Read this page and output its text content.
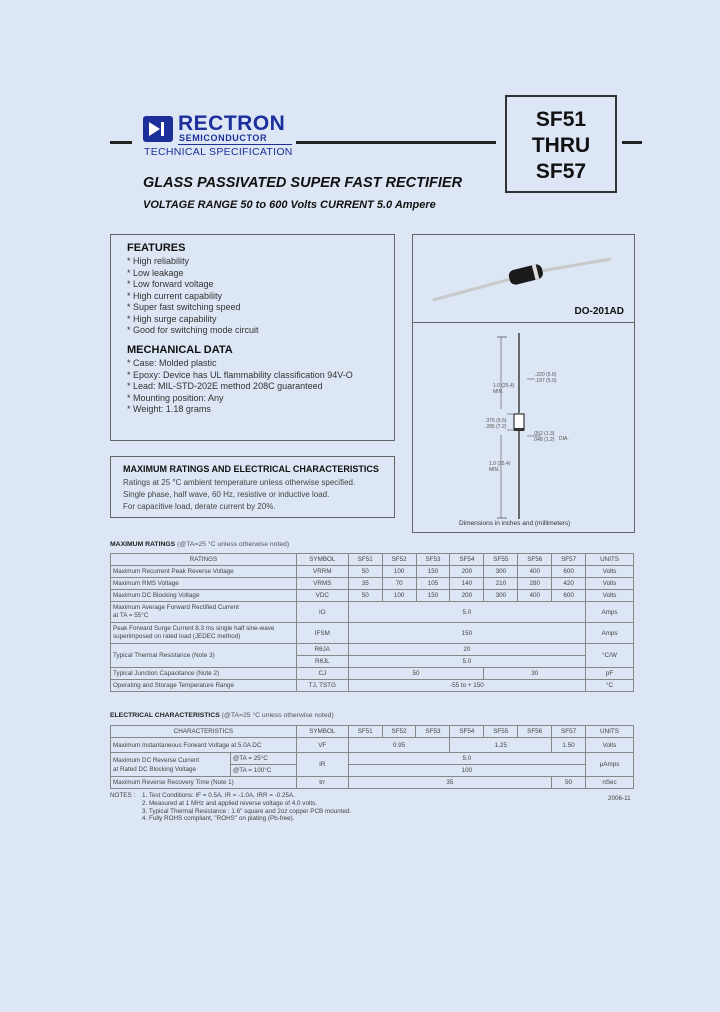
RECTRON
SEMICONDUCTOR
TECHNICAL SPECIFICATION
SF51
THRU
SF57
GLASS PASSIVATED SUPER FAST RECTIFIER
VOLTAGE RANGE 50 to 600 Volts CURRENT 5.0 Ampere
FEATURES
* High reliability
* Low leakage
* Low forward voltage
* High current capability
* Super fast switching speed
* High surge capability
* Good for switching mode circuit
MECHANICAL DATA
* Case: Molded plastic
* Epoxy: Device has UL flammability classification 94V-O
* Lead: MIL-STD-202E method 208C guaranteed
* Mounting position: Any
* Weight: 1.18 grams
DO-201AD
.220 (5.6)
.197 (5.0)
1.0 (25.4)
MIN.
.375 (9.5)
.285 (7.2)
.052 (1.3)
.048 (1.2) DIA.
1.0 (25.4)
MIN.
Dimensions in inches and (millimeters)
MAXIMUM RATINGS AND ELECTRICAL CHARACTERISTICS
Ratings at 25 °C ambient temperature unless otherwise specified.
Single phase, half wave, 60 Hz, resistive or inductive load.
For capacitive load, derate current by 20%.
MAXIMUM RATINGS (@TA=25 °C unless otherwise noted)
RATINGS	SYMBOL	SF51	SF52	SF53	SF54	SF55	SF56	SF57	UNITS
Maximum Recurrent Peak Reverse Voltage	VRRM	50	100	150	200	300	400	600	Volts
Maximum RMS Voltage	VRMS	35	70	105	140	210	280	420	Volts
Maximum DC Blocking Voltage	VDC	50	100	150	200	300	400	600	Volts

Maximum Average Forward Rectified Current
at TA = 55°C	IO	5.0							Amps

Peak Forward Surge Current 8.3 ms single half sine-wave
superimposed on rated load (JEDEC method)	IFSM	150							Amps
Typical Thermal Resistance (Note 3)	RθJA	20							°C/W
	RθJL	5.0							
Typical Junction Capacitance (Note 2)	CJ	50				30			pF
Operating and Storage Temperature Range	TJ, TSTG	-55 to + 150							°C
ELECTRICAL CHARACTERISTICS (@TA=25 °C unless otherwise noted)
CHARACTERISTICS		SYMBOL	SF51	SF52	SF53	SF54	SF55	SF56	SF57	UNITS
Maximum Instantaneous Forward Voltage at 5.0A DC		VF	0.95			1.25			1.50	Volts

Maximum DC Reverse Current
at Rated DC Blocking Voltage	@TA = 25°C	IR	5.0							μAmps
	@TA = 100°C		100							
Maximum Reverse Recovery Time (Note 1)		trr	35						50	nSec
NOTES : 1. Test Conditions: IF = 0.5A, IR = -1.0A, IRR = -0.25A.
2. Measured at 1 MHz and applied reverse voltage of 4.0 volts.
3. Typical Thermal Resistance : 1.6" square and 2oz copper PCB mounted.
4. Fully ROHS compliant, "ROHS" on plating (Pb-free).
2006-11
